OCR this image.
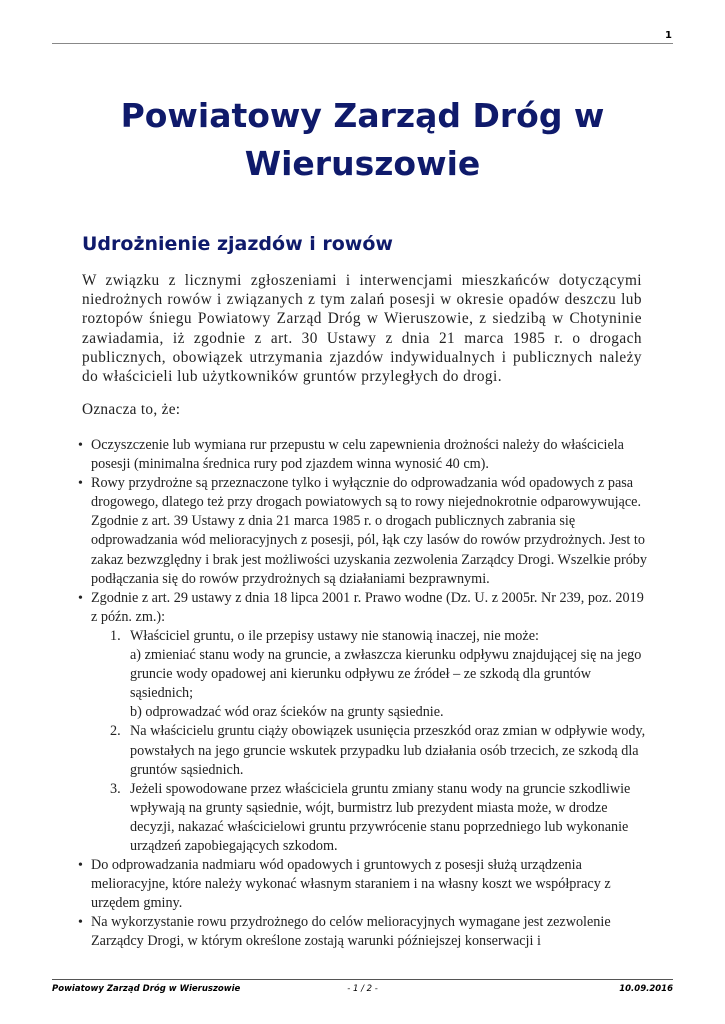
1
Powiatowy Zarząd Dróg w Wieruszowie
Udrożnienie zjazdów i rowów

W związku z licznymi zgłoszeniami i interwencjami mieszkańców dotyczącymi niedrożnych rowów i związanych z tym zalań posesji w okresie opadów deszczu lub roztopów śniegu Powiatowy Zarząd Dróg w Wieruszowie, z siedzibą w Chotyninie zawiadamia, iż zgodnie z art. 30 Ustawy z dnia 21 marca 1985 r. o drogach publicznych, obowiązek utrzymania zjazdów indywidualnych i publicznych należy do właścicieli lub użytkowników gruntów przyległych do drogi.

Oznacza to, że:

• Oczyszczenie lub wymiana rur przepustu w celu zapewnienia drożności należy do właściciela posesji (minimalna średnica rury pod zjazdem winna wynosić 40 cm).
• Rowy przydrożne są przeznaczone tylko i wyłącznie do odprowadzania wód opadowych z pasa drogowego, dlatego też przy drogach powiatowych są to rowy niejednokrotnie odparowywujące. Zgodnie z art. 39 Ustawy z dnia 21 marca 1985 r. o drogach publicznych zabrania się odprowadzania wód melioracyjnych z posesji, pól, łąk czy lasów do rowów przydrożnych. Jest to zakaz bezwzględny i brak jest możliwości uzyskania zezwolenia Zarządcy Drogi. Wszelkie próby podłączania się do rowów przydrożnych są działaniami bezprawnymi.
• Zgodnie z art. 29 ustawy z dnia 18 lipca 2001 r. Prawo wodne (Dz. U. z 2005r. Nr 239, poz. 2019 z późn. zm.):
1. Właściciel gruntu, o ile przepisy ustawy nie stanowią inaczej, nie może:
a) zmieniać stanu wody na gruncie, a zwłaszcza kierunku odpływu znajdującej się na jego gruncie wody opadowej ani kierunku odpływu ze źródeł – ze szkodą dla gruntów sąsiednich;
b) odprowadzać wód oraz ścieków na grunty sąsiednie.
2. Na właścicielu gruntu ciąży obowiązek usunięcia przeszkód oraz zmian w odpływie wody, powstałych na jego gruncie wskutek przypadku lub działania osób trzecich, ze szkodą dla gruntów sąsiednich.
3. Jeżeli spowodowane przez właściciela gruntu zmiany stanu wody na gruncie szkodliwie wpływają na grunty sąsiednie, wójt, burmistrz lub prezydent miasta może, w drodze decyzji, nakazać właścicielowi gruntu przywrócenie stanu poprzedniego lub wykonanie urządzeń zapobiegających szkodom.
• Do odprowadzania nadmiaru wód opadowych i gruntowych z posesji służą urządzenia melioracyjne, które należy wykonać własnym staraniem i na własny koszt we współpracy z urzędem gminy.
• Na wykorzystanie rowu przydrożnego do celów melioracyjnych wymagane jest zezwolenie Zarządcy Drogi, w którym określone zostają warunki późniejszej konserwacji i
Powiatowy Zarząd Dróg w Wieruszowie	- 1 / 2 -	10.09.2016
